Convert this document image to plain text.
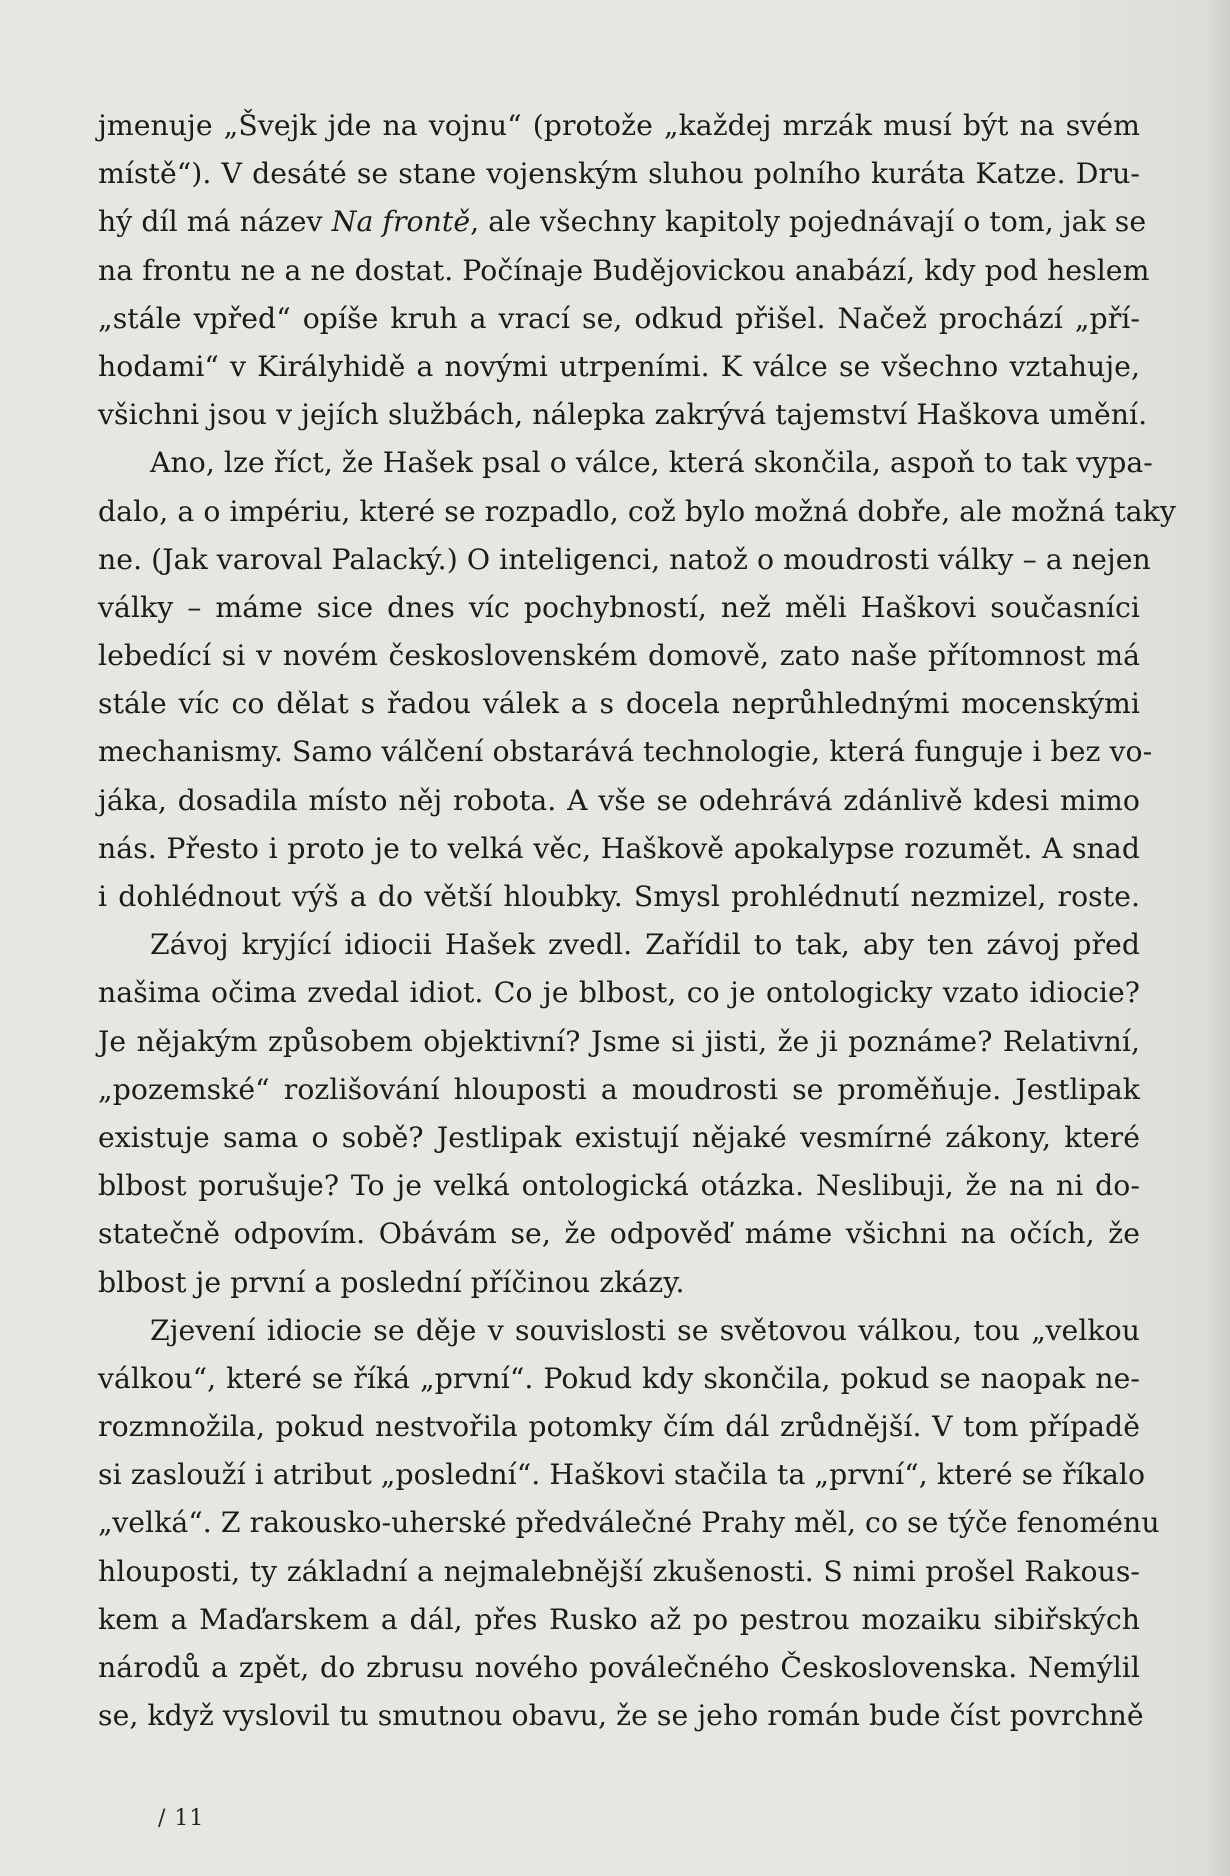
jmenuje „Švejk jde na vojnu“ (protože „každej mrzák musí být na svém
místě“). V desáté se stane vojenským sluhou polního kuráta Katze. Dru-
hý díl má název Na frontě, ale všechny kapitoly pojednávají o tom, jak se
na frontu ne a ne dostat. Počínaje Budějovickou anabází, kdy pod heslem
„stále vpřed“ opíše kruh a vrací se, odkud přišel. Načež prochází „pří-
hodami“ v Királyhidě a novými utrpeními. K válce se všechno vztahuje,
všichni jsou v jejích službách, nálepka zakrývá tajemství Haškova umění.
Ano, lze říct, že Hašek psal o válce, která skončila, aspoň to tak vypa-
dalo, a o impériu, které se rozpadlo, což bylo možná dobře, ale možná taky
ne. (Jak varoval Palacký.) O inteligenci, natož o moudrosti války – a nejen
války – máme sice dnes víc pochybností, než měli Haškovi současníci
lebedící si v novém československém domově, zato naše přítomnost má
stále víc co dělat s řadou válek a s docela neprůhlednými mocenskými
mechanismy. Samo válčení obstarává technologie, která funguje i bez vo-
jáka, dosadila místo něj robota. A vše se odehrává zdánlivě kdesi mimo
nás. Přesto i proto je to velká věc, Haškově apokalypse rozumět. A snad
i dohlédnout výš a do větší hloubky. Smysl prohlédnutí nezmizel, roste.
Závoj kryjící idiocii Hašek zvedl. Zařídil to tak, aby ten závoj před
našima očima zvedal idiot. Co je blbost, co je ontologicky vzato idiocie?
Je nějakým způsobem objektivní? Jsme si jisti, že ji poznáme? Relativní,
„pozemské“ rozlišování hlouposti a moudrosti se proměňuje. Jestlipak
existuje sama o sobě? Jestlipak existují nějaké vesmírné zákony, které
blbost porušuje? To je velká ontologická otázka. Neslibuji, že na ni do-
statečně odpovím. Obávám se, že odpověď máme všichni na očích, že
blbost je první a poslední příčinou zkázy.
Zjevení idiocie se děje v souvislosti se světovou válkou, tou „velkou
válkou“, které se říká „první“. Pokud kdy skončila, pokud se naopak ne-
rozmnožila, pokud nestvořila potomky čím dál zrůdnější. V tom případě
si zaslouží i atribut „poslední“. Haškovi stačila ta „první“, které se říkalo
„velká“. Z rakousko-uherské předválečné Prahy měl, co se týče fenoménu
hlouposti, ty základní a nejmalebnější zkušenosti. S nimi prošel Rakous-
kem a Maďarskem a dál, přes Rusko až po pestrou mozaiku sibiřských
národů a zpět, do zbrusu nového poválečného Československa. Nemýlil
se, když vyslovil tu smutnou obavu, že se jeho román bude číst povrchně
/ 11
